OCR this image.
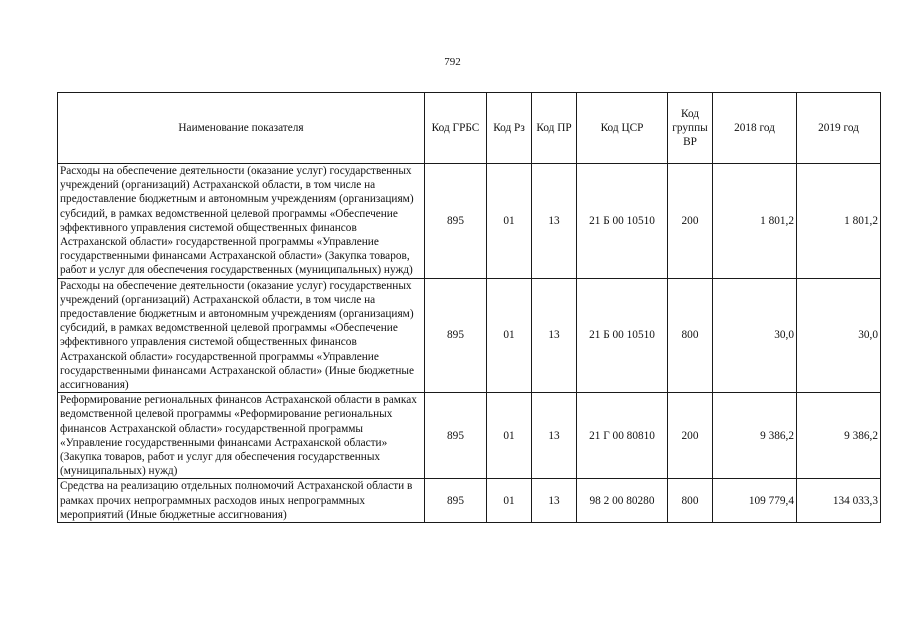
792
Наименование показателя	Код ГРБС	Код Рз	Код ПР	Код ЦСР	Код группы ВР	2018 год	2019 год
Расходы на обеспечение деятельности (оказание услуг) государственных учреждений (организаций) Астраханской области, в том числе на предоставление бюджетным и автономным учреждениям (организациям) субсидий, в рамках ведомственной целевой программы «Обеспечение эффективного управления системой общественных финансов Астраханской области» государственной программы «Управление государственными финансами Астраханской области» (Закупка товаров, работ и услуг для обеспечения государственных (муниципальных) нужд)	895	01	13	21 Б 00 10510	200	1 801,2	1 801,2
Расходы на обеспечение деятельности (оказание услуг) государственных учреждений (организаций) Астраханской области, в том числе на предоставление бюджетным и автономным учреждениям (организациям) субсидий, в рамках ведомственной целевой программы «Обеспечение эффективного управления системой общественных финансов Астраханской области» государственной программы «Управление государственными финансами Астраханской области» (Иные бюджетные ассигнования)	895	01	13	21 Б 00 10510	800	30,0	30,0
Реформирование региональных финансов Астраханской области в рамках ведомственной целевой программы «Реформирование региональных финансов Астраханской области» государственной программы «Управление государственными финансами Астраханской области» (Закупка товаров, работ и услуг для обеспечения государственных (муниципальных) нужд)	895	01	13	21 Г 00 80810	200	9 386,2	9 386,2
Средства на реализацию отдельных полномочий Астраханской области в рамках прочих непрограммных расходов иных непрограммных мероприятий (Иные бюджетные ассигнования)	895	01	13	98 2 00 80280	800	109 779,4	134 033,3
